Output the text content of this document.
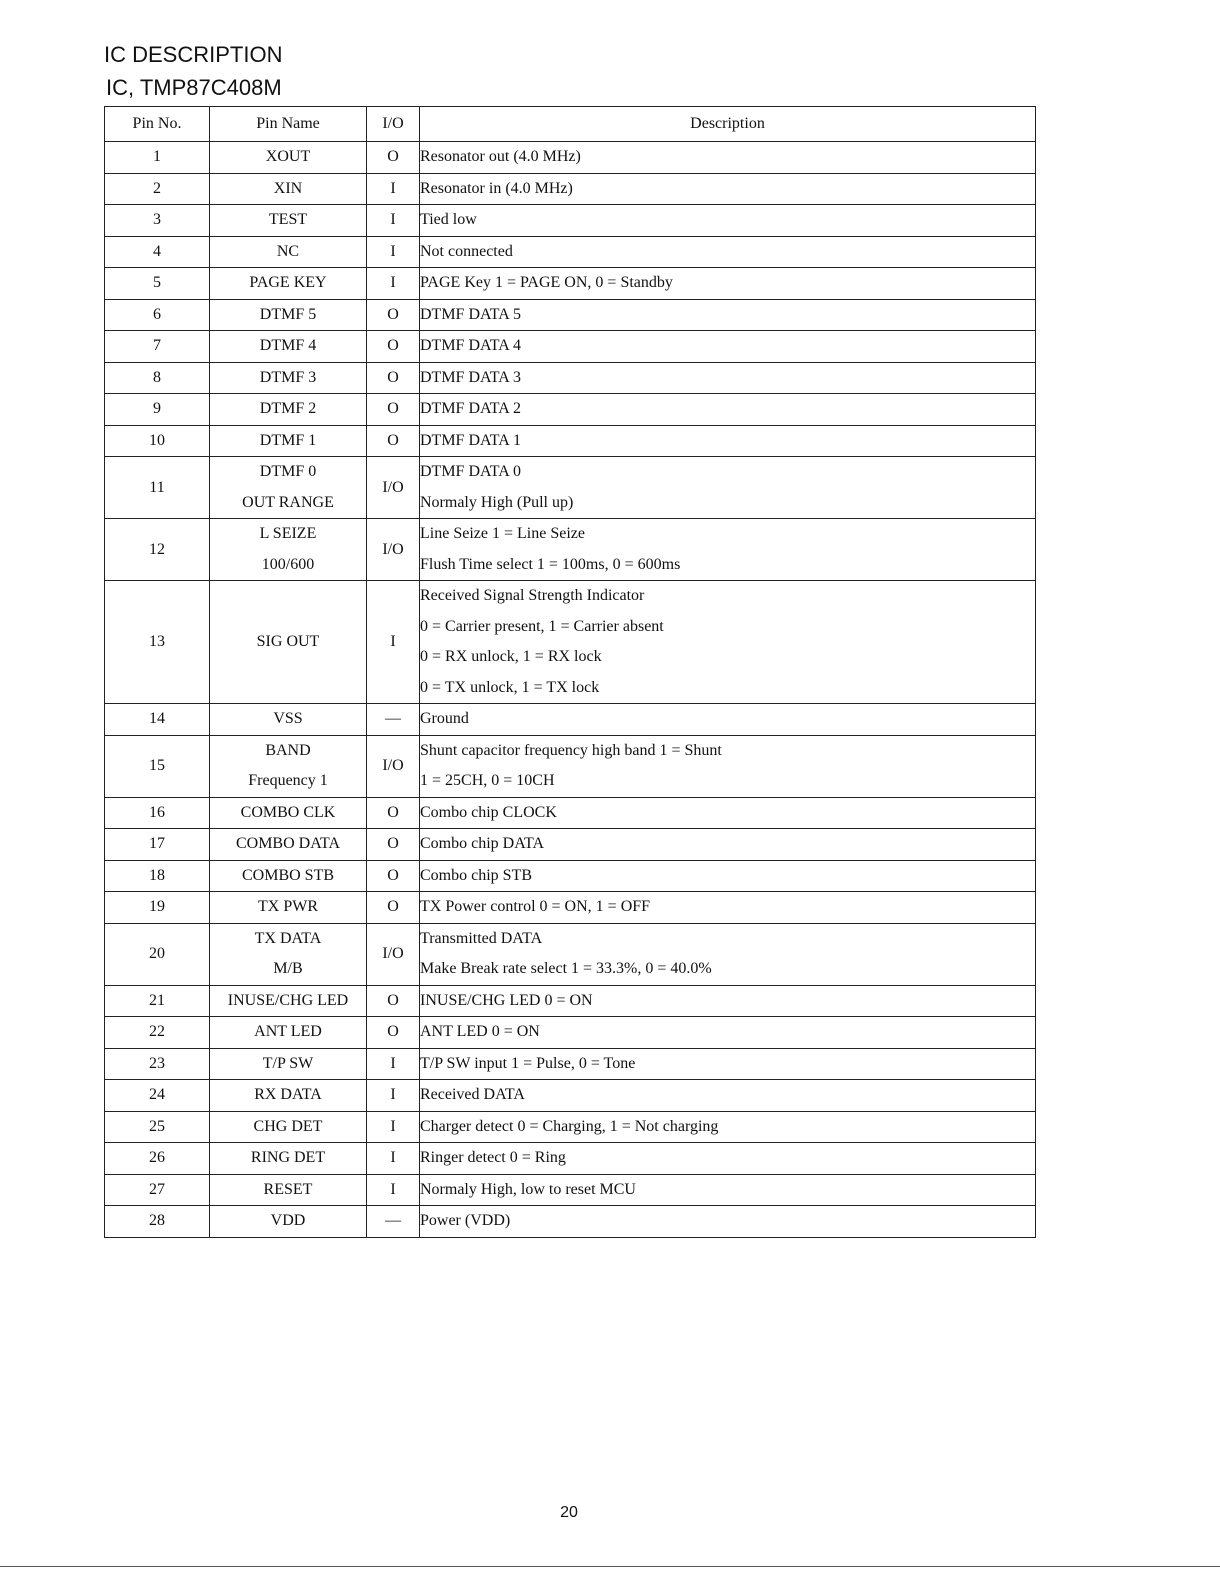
IC DESCRIPTION
IC, TMP87C408M
Pin No.	Pin Name	I/O	Description
1	XOUT	O	Resonator out (4.0 MHz)

2	XIN	I	Resonator in (4.0 MHz)

3	TEST	I	Tied low

4	NC	I	Not connected

5	PAGE KEY	I	PAGE Key 1 = PAGE ON, 0 = Standby

6	DTMF 5	O	DTMF DATA 5

7	DTMF 4	O	DTMF DATA 4

8	DTMF 3	O	DTMF DATA 3

9	DTMF 2	O	DTMF DATA 2

10	DTMF 1	O	DTMF DATA 1

11	DTMF 0
OUT RANGE	I/O	DTMF DATA 0
Normaly High (Pull up)

12	L SEIZE
100/600	I/O	Line Seize 1 = Line Seize
Flush Time select 1 = 100ms, 0 = 600ms

13	SIG OUT	I	Received Signal Strength Indicator
0 = Carrier present, 1 = Carrier absent
0 = RX unlock, 1 = RX lock
0 = TX unlock, 1 = TX lock

14	VSS	—	Ground

15	BAND
Frequency 1	I/O	Shunt capacitor frequency high band 1 = Shunt
1 = 25CH, 0 = 10CH

16	COMBO CLK	O	Combo chip CLOCK

17	COMBO DATA	O	Combo chip DATA

18	COMBO STB	O	Combo chip STB

19	TX PWR	O	TX Power control 0 = ON, 1 = OFF

20	TX DATA
M/B	I/O	Transmitted DATA
Make Break rate select 1 = 33.3%, 0 = 40.0%

21	INUSE/CHG LED	O	INUSE/CHG LED 0 = ON

22	ANT LED	O	ANT LED 0 = ON

23	T/P SW	I	T/P SW input 1 = Pulse, 0 = Tone

24	RX DATA	I	Received DATA

25	CHG DET	I	Charger detect 0 = Charging, 1 = Not charging

26	RING DET	I	Ringer detect 0 = Ring

27	RESET	I	Normaly High, low to reset MCU

28	VDD	—	Power (VDD)
20
